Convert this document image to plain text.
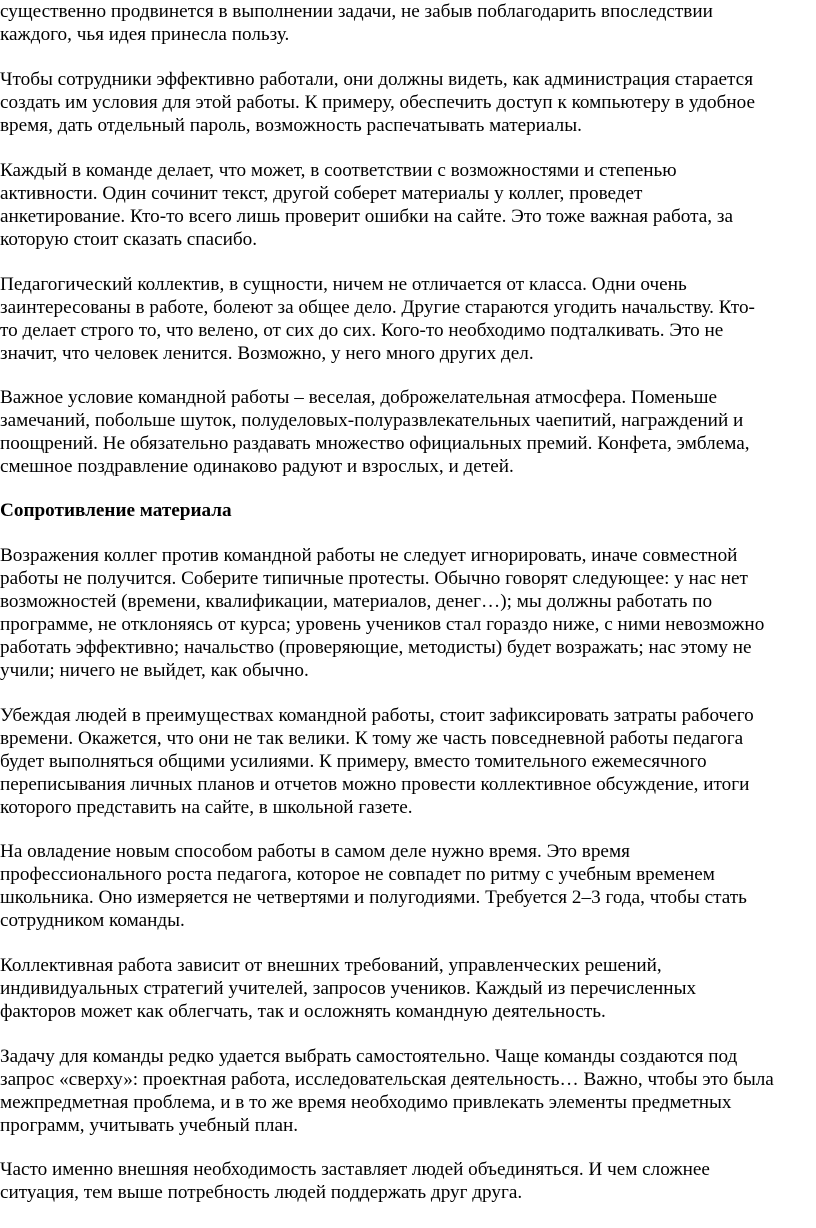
существенно продвинется в выполнении задачи, не забыв поблагодарить впоследствии
каждого, чья идея принесла пользу.

Чтобы сотрудники эффективно работали, они должны видеть, как администрация старается
создать им условия для этой работы. К примеру, обеспечить доступ к компьютеру в удобное
время, дать отдельный пароль, возможность распечатывать материалы.

Каждый в команде делает, что может, в соответствии с возможностями и степенью
активности. Один сочинит текст, другой соберет материалы у коллег, проведет
анкетирование. Кто-то всего лишь проверит ошибки на сайте. Это тоже важная работа, за
которую стоит сказать спасибо.

Педагогический коллектив, в сущности, ничем не отличается от класса. Одни очень
заинтересованы в работе, болеют за общее дело. Другие стараются угодить начальству. Кто-
то делает строго то, что велено, от сих до сих. Кого-то необходимо подталкивать. Это не
значит, что человек ленится. Возможно, у него много других дел.

Важное условие командной работы – веселая, доброжелательная атмосфера. Поменьше
замечаний, побольше шуток, полуделовых-полуразвлекательных чаепитий, награждений и
поощрений. Не обязательно раздавать множество официальных премий. Конфета, эмблема,
смешное поздравление одинаково радуют и взрослых, и детей.

Сопротивление материала

Возражения коллег против командной работы не следует игнорировать, иначе совместной
работы не получится. Соберите типичные протесты. Обычно говорят следующее: у нас нет
возможностей (времени, квалификации, материалов, денег…); мы должны работать по
программе, не отклоняясь от курса; уровень учеников стал гораздо ниже, с ними невозможно
работать эффективно; начальство (проверяющие, методисты) будет возражать; нас этому не
учили; ничего не выйдет, как обычно.

Убеждая людей в преимуществах командной работы, стоит зафиксировать затраты рабочего
времени. Окажется, что они не так велики. К тому же часть повседневной работы педагога
будет выполняться общими усилиями. К примеру, вместо томительного ежемесячного
переписывания личных планов и отчетов можно провести коллективное обсуждение, итоги
которого представить на сайте, в школьной газете.

На овладение новым способом работы в самом деле нужно время. Это время
профессионального роста педагога, которое не совпадет по ритму с учебным временем
школьника. Оно измеряется не четвертями и полугодиями. Требуется 2–3 года, чтобы стать
сотрудником команды.

Коллективная работа зависит от внешних требований, управленческих решений,
индивидуальных стратегий учителей, запросов учеников. Каждый из перечисленных
факторов может как облегчать, так и осложнять командную деятельность.

Задачу для команды редко удается выбрать самостоятельно. Чаще команды создаются под
запрос «сверху»: проектная работа, исследовательская деятельность… Важно, чтобы это была
межпредметная проблема, и в то же время необходимо привлекать элементы предметных
программ, учитывать учебный план.

Часто именно внешняя необходимость заставляет людей объединяться. И чем сложнее
ситуация, тем выше потребность людей поддержать друг друга.
